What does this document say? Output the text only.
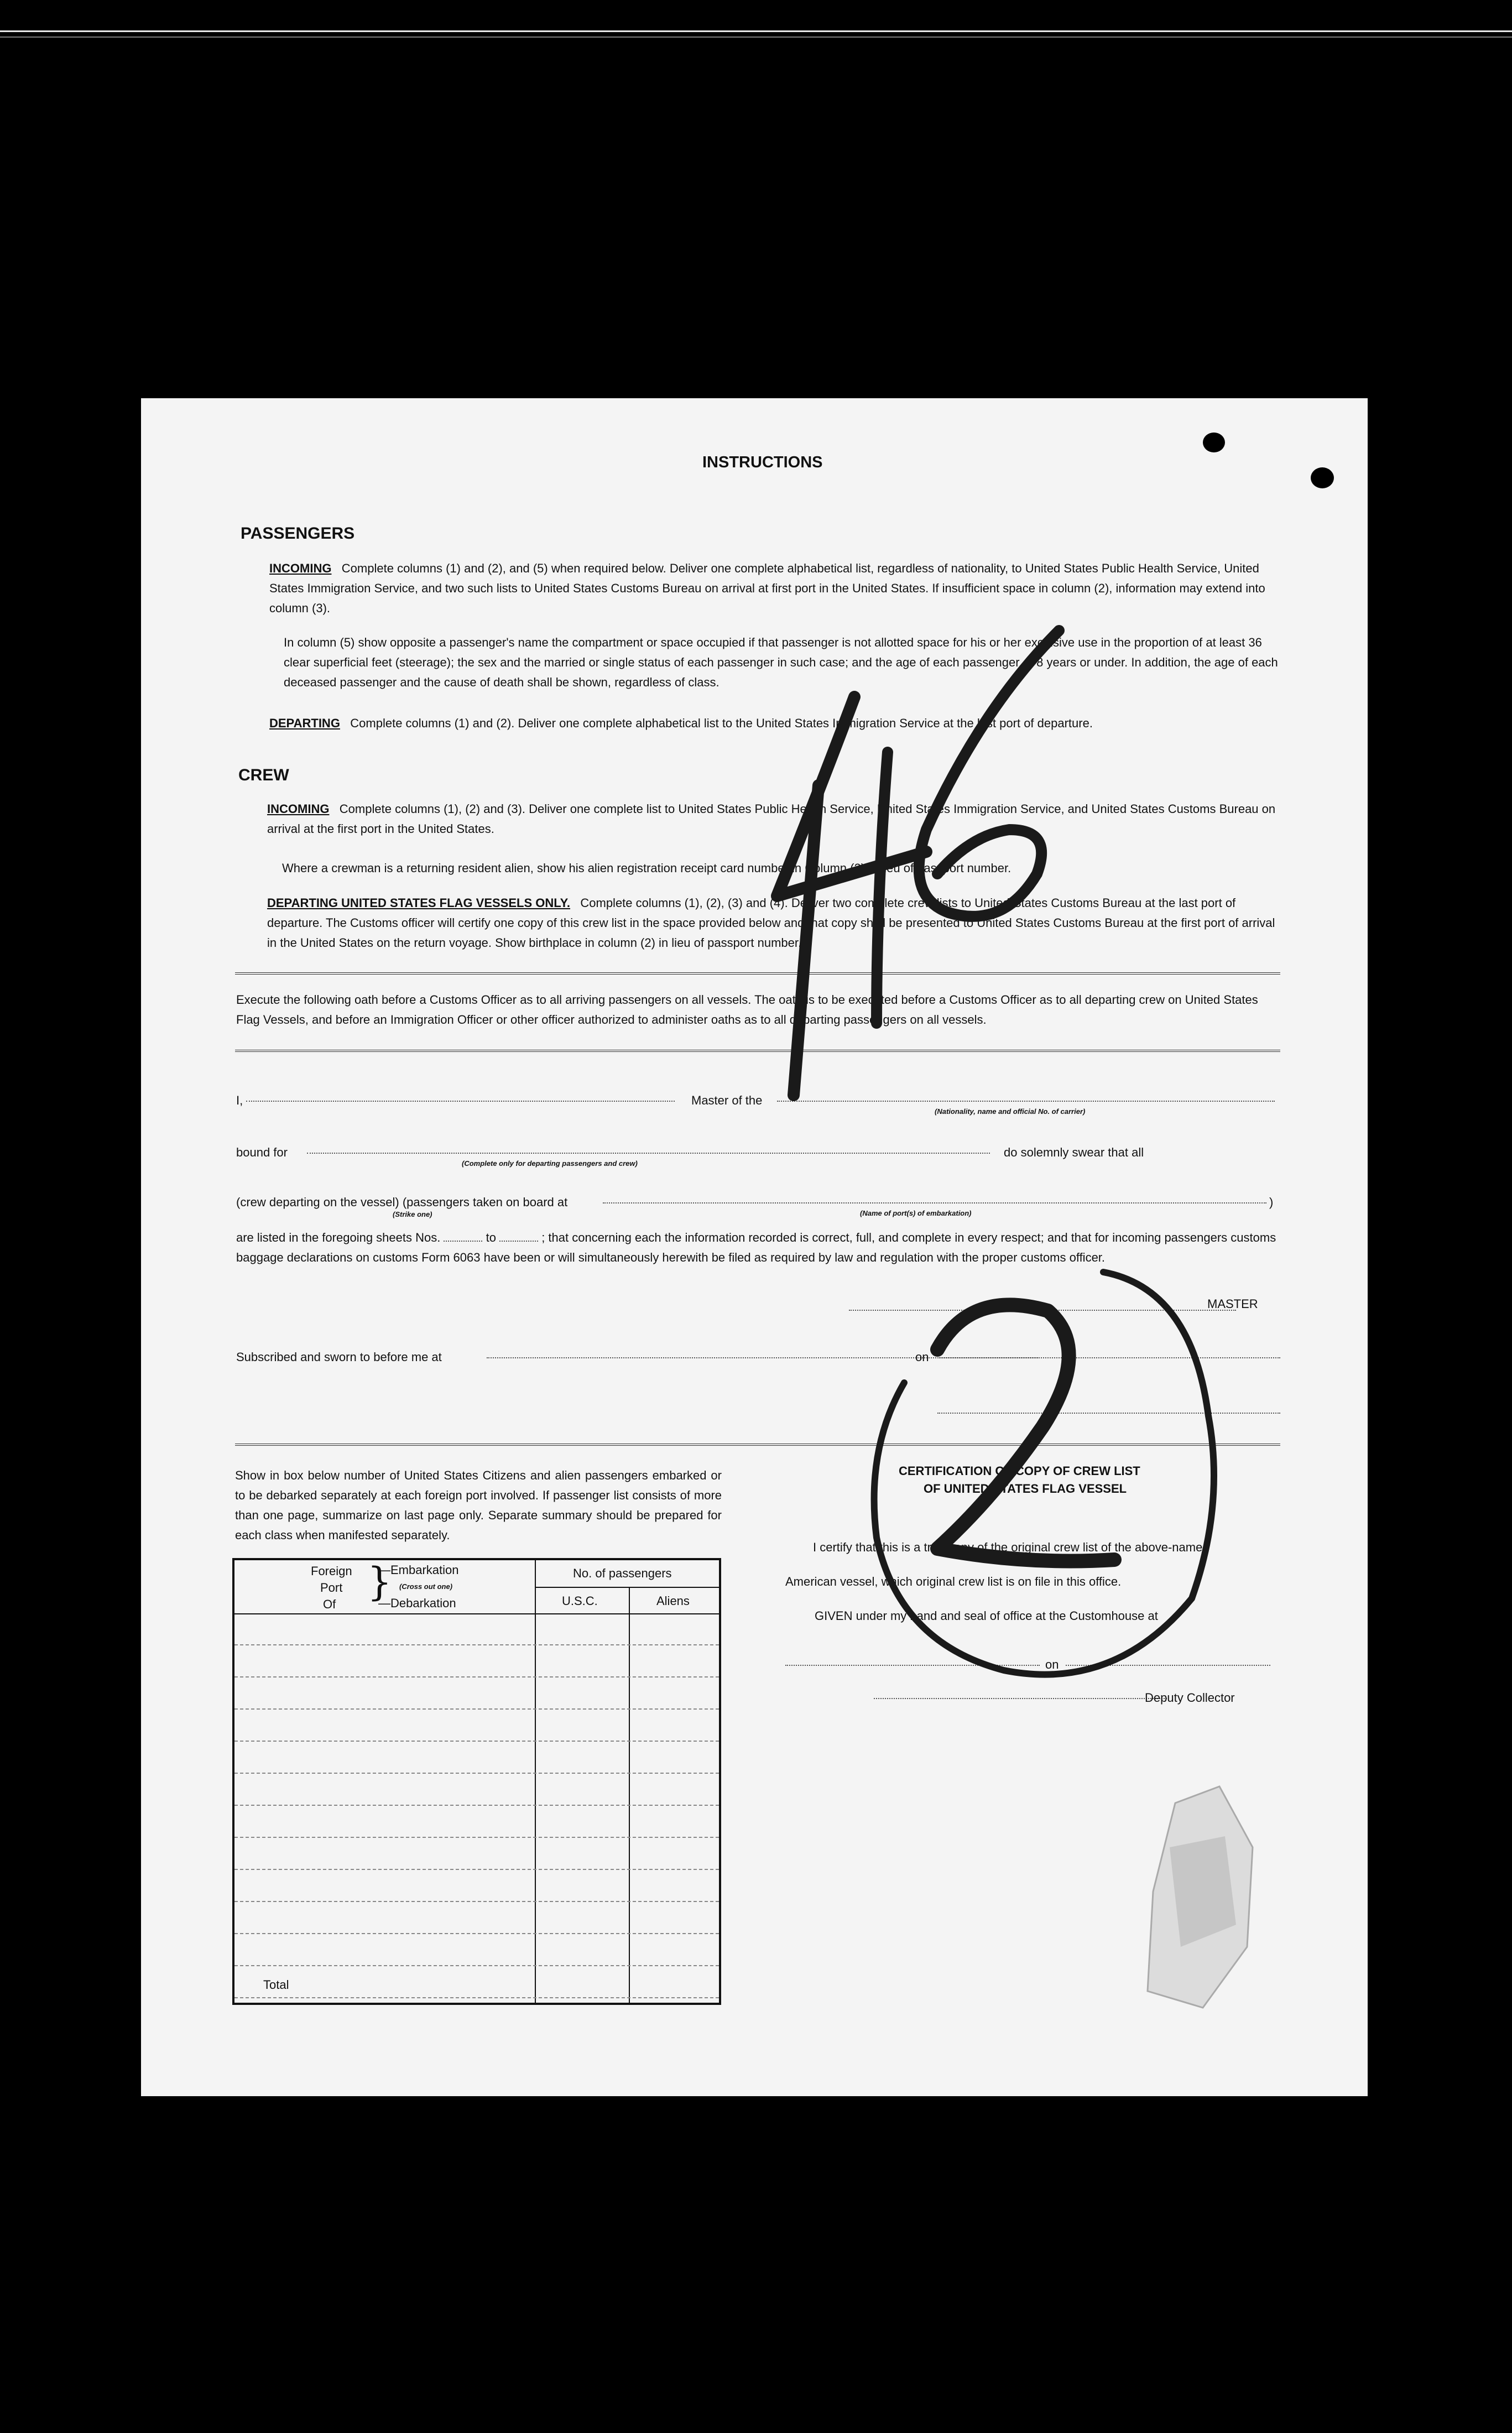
INSTRUCTIONS
PASSENGERS
INCOMING Complete columns (1) and (2), and (5) when required below. Deliver one complete alphabetical list, regardless of nationality, to United States Public Health Service, United States Immigration Service, and two such lists to United States Customs Bureau on arrival at first port in the United States. If insufficient space in column (2), information may extend into column (3).
In column (5) show opposite a passenger's name the compartment or space occupied if that passenger is not allotted space for his or her exclusive use in the proportion of at least 36 clear superficial feet (steerage); the sex and the married or single status of each passenger in such case; and the age of each passenger of 8 years or under. In addition, the age of each deceased passenger and the cause of death shall be shown, regardless of class.
DEPARTING Complete columns (1) and (2). Deliver one complete alphabetical list to the United States Immigration Service at the last port of departure.
CREW
INCOMING Complete columns (1), (2) and (3). Deliver one complete list to United States Public Health Service, United States Immigration Service, and United States Customs Bureau on arrival at the first port in the United States.
Where a crewman is a returning resident alien, show his alien registration receipt card number in Column (2) in lieu of passport number.
DEPARTING UNITED STATES FLAG VESSELS ONLY. Complete columns (1), (2), (3) and (4). Deliver two complete crew lists to United States Customs Bureau at the last port of departure. The Customs officer will certify one copy of this crew list in the space provided below and that copy shall be presented to United States Customs Bureau at the first port of arrival in the United States on the return voyage. Show birthplace in column (2) in lieu of passport number.
Execute the following oath before a Customs Officer as to all arriving passengers on all vessels. The oath is to be executed before a Customs Officer as to all departing crew on United States Flag Vessels, and before an Immigration Officer or other officer authorized to administer oaths as to all departing passengers on all vessels.
I,	Master of the
(Nationality, name and official No. of carrier)
bound for
(Complete only for departing passengers and crew)
do solemnly swear that all
(crew departing on the vessel) (passengers taken on board at
(Strike one)	(Name of port(s) of embarkation)
)
are listed in the foregoing sheets Nos.	to	; that concerning each the information recorded is correct, full, and complete in every respect; and that for incoming passengers customs baggage declarations on customs Form 6063 have been or will simultaneously herewith be filed as required by law and regulation with the proper customs officer.
MASTER
Subscribed and sworn to before me at	on
Show in box below number of United States Citizens and alien passengers embarked or to be debarked separately at each foreign port involved. If passenger list consists of more than one page, summarize on last page only. Separate summary should be prepared for each class when manifested separately.
Foreign
Port
Of }
—Embarkation
(Cross out one)
—Debarkation
No. of passengers
U.S.C.	Aliens
Total
CERTIFICATION OF COPY OF CREW LIST
OF UNITED STATES FLAG VESSEL
I certify that this is a true copy of the original crew list of the above-named
American vessel, which original crew list is on file in this office.
GIVEN under my hand and seal of office at the Customhouse at
on
Deputy Collector
